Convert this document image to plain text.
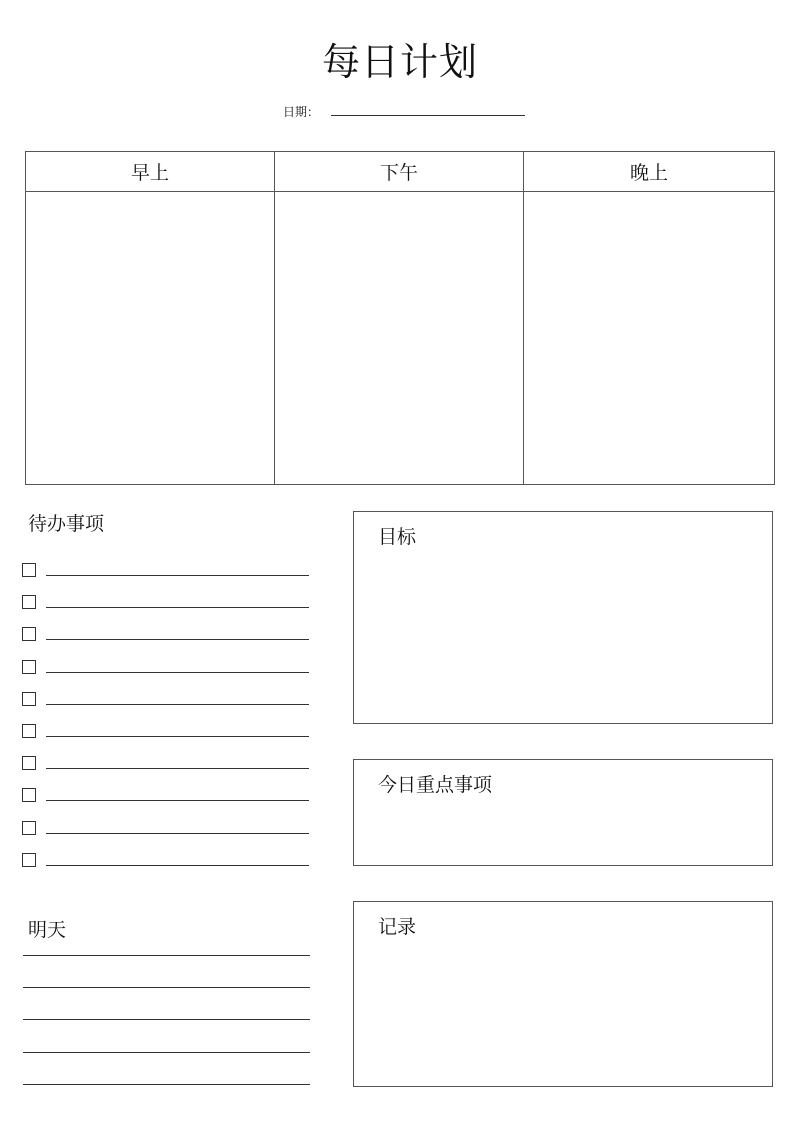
每日计划
日期：
早上	下午	晚上
待办事项
明天
目标
今日重点事项
记录
